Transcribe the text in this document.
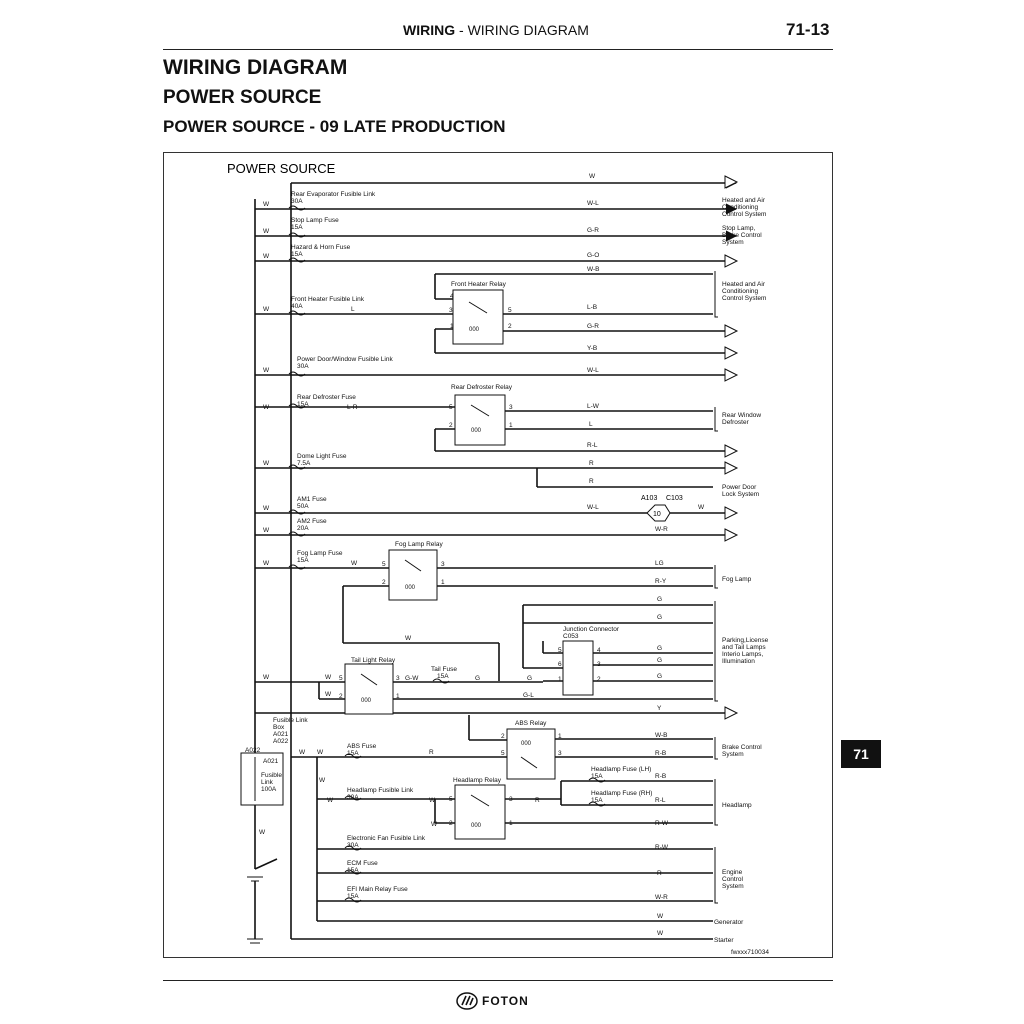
WIRING - WIRING DIAGRAM	71-13
WIRING DIAGRAM
POWER SOURCE
POWER SOURCE - 09 LATE PRODUCTION
10
A103 C103
000
000
000
000
000
000
POWER SOURCE
Rear Evaporator Fusible Link
30A
Stop Lamp Fuse
15A
Hazard & Horn Fuse
15A
Front Heater Fusible Link
40A
Power Door/Window Fusible Link
30A
Rear Defroster Fuse
15A
Dome Light Fuse
7.5A
AM1 Fuse
50A
AM2 Fuse
20A
Fog Lamp Fuse
15A
Tail Fuse
15A
ABS Fuse
15A
Headlamp Fusible Link
30A
Headlamp Fuse (LH)
15A
Headlamp Fuse (RH)
15A
Electronic Fan Fusible Link
30A
ECM Fuse
15A
EFI Main Relay Fuse
15A
Front Heater Relay
Rear Defroster Relay
Fog Lamp Relay
Tail Light Relay
ABS Relay
Headlamp Relay
Junction Connector
C053
Fusible Link
Box
A021
A022
A022
A021
Fusible
Link
100A
W
W	W-L
W	G-R
W	G-O
W-B
W	L	L-B
G-R
Y-B
W	W-L
W	L-R	L-W
L
R-L
W	R
R
W	W-L	W
W	W-R
W	W	LG
R-Y
G
G
W
G
G
G
W	W	G-W	G	G
W	G-L
Y
W-B
W W	R	R-B
R-B
W
W	W	R	R-L
W	R-W
W
R-W
R
W-R
W
W
4
3	5
1	2
5	3
2	1
5	3
2	1
5
6
1
4
3
2
5	3
2	1
2	1
5	3
5	3
2	1
fwxxx710034
Heated and Air Conditioning Control System
Stop Lamp, Brake Control System
Heated and Air Conditioning Control System
Rear Window Defroster
Power Door Lock System
Fog Lamp
Parking,License and Tail Lamps Interio Lamps, Illumination
Brake Control System
Headlamp
Engine Control System
Generator
Starter
71
FOTON
